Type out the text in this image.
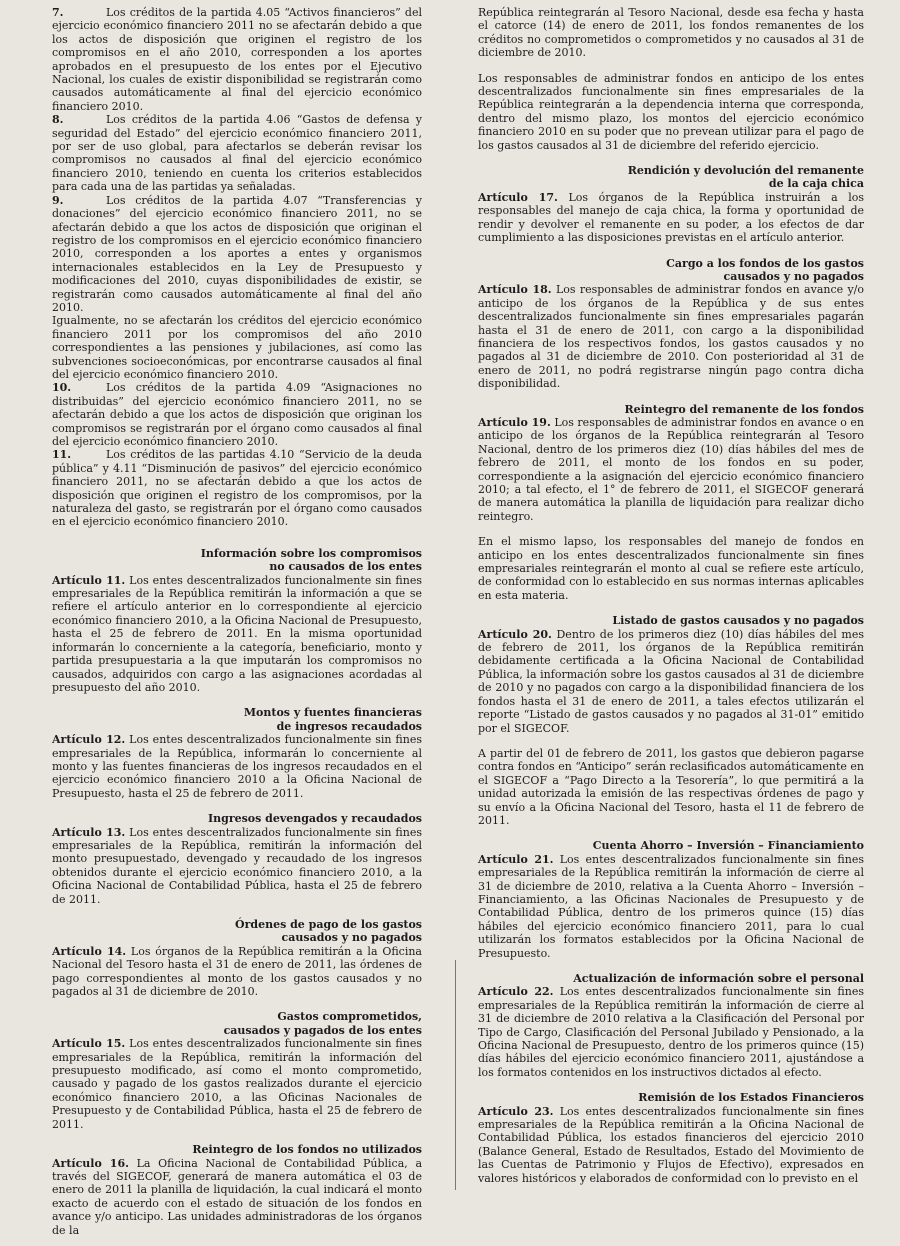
7.	Los créditos de la partida 4.05 “Activos financieros” del ejercicio económico financiero 2011 no se afectarán debido a que los actos de disposición que originen el registro de los compromisos en el año 2010, corresponden a los aportes aprobados en el presupuesto de los entes por el Ejecutivo Nacional, los cuales de existir disponibilidad se registrarán como causados automáticamente al final del ejercicio económico financiero 2010.

8.	Los créditos de la partida 4.06 “Gastos de defensa y seguridad del Estado” del ejercicio económico financiero 2011, por ser de uso global, para afectarlos se deberán revisar los compromisos no causados al final del ejercicio económico financiero 2010, teniendo en cuenta los criterios establecidos para cada una de las partidas ya señaladas.

9.	Los créditos de la partida 4.07 “Transferencias y donaciones” del ejercicio económico financiero 2011, no se afectarán debido a que los actos de disposición que originan el registro de los compromisos en el ejercicio económico financiero 2010, corresponden a los aportes a entes y organismos internacionales establecidos en la Ley de Presupuesto y modificaciones del 2010, cuyas disponibilidades de existir, se registrarán como causados automáticamente al final del año 2010.

Igualmente, no se afectarán los créditos del ejercicio económico financiero 2011 por los compromisos del año 2010 correspondientes a las pensiones y jubilaciones, así como las subvenciones socioeconómicas, por encontrarse causados al final del ejercicio económico financiero 2010.

10.	Los créditos de la partida 4.09 “Asignaciones no distribuidas” del ejercicio económico financiero 2011, no se afectarán debido a que los actos de disposición que originan los compromisos se registrarán por el órgano como causados al final del ejercicio económico financiero 2010.

11.	Los créditos de las partidas 4.10 “Servicio de la deuda pública” y 4.11 “Disminución de pasivos” del ejercicio económico financiero 2011, no se afectarán debido a que los actos de disposición que originen el registro de los compromisos, por la naturaleza del gasto, se registrarán por el órgano como causados en el ejercicio económico financiero 2010.

Información sobre los compromisos
no causados de los entes

Artículo 11. Los entes descentralizados funcionalmente sin fines empresariales de la República remitirán la información a que se refiere el artículo anterior en lo correspondiente al ejercicio económico financiero 2010, a la Oficina Nacional de Presupuesto, hasta el 25 de febrero de 2011. En la misma oportunidad informarán lo concerniente a la categoría, beneficiario, monto y partida presupuestaria a la que imputarán los compromisos no causados, adquiridos con cargo a las asignaciones acordadas al presupuesto del año 2010.

Montos y fuentes financieras
de ingresos recaudados

Artículo 12. Los entes descentralizados funcionalmente sin fines empresariales de la República, informarán lo concerniente al monto y las fuentes financieras de los ingresos recaudados en el ejercicio económico financiero 2010 a la Oficina Nacional de Presupuesto, hasta el 25 de febrero de 2011.

Ingresos devengados y recaudados

Artículo 13. Los entes descentralizados funcionalmente sin fines empresariales de la República, remitirán la información del monto presupuestado, devengado y recaudado de los ingresos obtenidos durante el ejercicio económico financiero 2010, a la Oficina Nacional de Contabilidad Pública, hasta el 25 de febrero de 2011.

Órdenes de pago de los gastos
causados y no pagados

Artículo 14. Los órganos de la República remitirán a la Oficina Nacional del Tesoro hasta el 31 de enero de 2011, las órdenes de pago correspondientes al monto de los gastos causados y no pagados al 31 de diciembre de 2010.

Gastos comprometidos,
causados y pagados de los entes

Artículo 15. Los entes descentralizados funcionalmente sin fines empresariales de la República, remitirán la información del presupuesto modificado, así como el monto comprometido, causado y pagado de los gastos realizados durante el ejercicio económico financiero 2010, a las Oficinas Nacionales de Presupuesto y de Contabilidad Pública, hasta el 25 de febrero de 2011.

Reintegro de los fondos no utilizados

Artículo 16. La Oficina Nacional de Contabilidad Pública, a través del SIGECOF, generará de manera automática el 03 de enero de 2011 la planilla de liquidación, la cual indicará el monto exacto de acuerdo con el estado de situación de los fondos en avance y/o anticipo. Las unidades administradoras de los órganos de la

República reintegrarán al Tesoro Nacional, desde esa fecha y hasta el catorce (14) de enero de 2011, los fondos remanentes de los créditos no comprometidos o comprometidos y no causados al 31 de diciembre de 2010.

Los responsables de administrar fondos en anticipo de los entes descentralizados funcionalmente sin fines empresariales de la República reintegrarán a la dependencia interna que corresponda, dentro del mismo plazo, los montos del ejercicio económico financiero 2010 en su poder que no prevean utilizar para el pago de los gastos causados al 31 de diciembre del referido ejercicio.

Rendición y devolución del remanente
de la caja chica

Artículo 17. Los órganos de la República instruirán a los responsables del manejo de caja chica, la forma y oportunidad de rendir y devolver el remanente en su poder, a los efectos de dar cumplimiento a las disposiciones previstas en el artículo anterior.

Cargo a los fondos de los gastos
causados y no pagados

Artículo 18. Los responsables de administrar fondos en avance y/o anticipo de los órganos de la República y de sus entes descentralizados funcionalmente sin fines empresariales pagarán hasta el 31 de enero de 2011, con cargo a la disponibilidad financiera de los respectivos fondos, los gastos causados y no pagados al 31 de diciembre de 2010. Con posterioridad al 31 de enero de 2011, no podrá registrarse ningún pago contra dicha disponibilidad.

Reintegro del remanente de los fondos

Artículo 19. Los responsables de administrar fondos en avance o en anticipo de los órganos de la República reintegrarán al Tesoro Nacional, dentro de los primeros diez (10) días hábiles del mes de febrero de 2011, el monto de los fondos en su poder, correspondiente a la asignación del ejercicio económico financiero 2010; a tal efecto, el 1° de febrero de 2011, el SIGECOF generará de manera automática la planilla de liquidación para realizar dicho reintegro.

En el mismo lapso, los responsables del manejo de fondos en anticipo en los entes descentralizados funcionalmente sin fines empresariales reintegrarán el monto al cual se refiere este artículo, de conformidad con lo establecido en sus normas internas aplicables en esta materia.

Listado de gastos causados y no pagados

Artículo 20. Dentro de los primeros diez (10) días hábiles del mes de febrero de 2011, los órganos de la República remitirán debidamente certificada a la Oficina Nacional de Contabilidad Pública, la información sobre los gastos causados al 31 de diciembre de 2010 y no pagados con cargo a la disponibilidad financiera de los fondos hasta el 31 de enero de 2011, a tales efectos utilizarán el reporte “Listado de gastos causados y no pagados al 31-01” emitido por el SIGECOF.

A partir del 01 de febrero de 2011, los gastos que debieron pagarse contra fondos en “Anticipo” serán reclasificados automáticamente en el SIGECOF a “Pago Directo a la Tesorería”, lo que permitirá a la unidad autorizada la emisión de las respectivas órdenes de pago y su envío a la Oficina Nacional del Tesoro, hasta el 11 de febrero de 2011.

Cuenta Ahorro – Inversión – Financiamiento

Artículo 21. Los entes descentralizados funcionalmente sin fines empresariales de la República remitirán la información de cierre al 31 de diciembre de 2010, relativa a la Cuenta Ahorro – Inversión – Financiamiento, a las Oficinas Nacionales de Presupuesto y de Contabilidad Pública, dentro de los primeros quince (15) días hábiles del ejercicio económico financiero 2011, para lo cual utilizarán los formatos establecidos por la Oficina Nacional de Presupuesto.

Actualización de información sobre el personal

Artículo 22. Los entes descentralizados funcionalmente sin fines empresariales de la República remitirán la información de cierre al 31 de diciembre de 2010 relativa a la Clasificación del Personal por Tipo de Cargo, Clasificación del Personal Jubilado y Pensionado, a la Oficina Nacional de Presupuesto, dentro de los primeros quince (15) días hábiles del ejercicio económico financiero 2011, ajustándose a los formatos contenidos en los instructivos dictados al efecto.

Remisión de los Estados Financieros

Artículo 23. Los entes descentralizados funcionalmente sin fines empresariales de la República remitirán a la Oficina Nacional de Contabilidad Pública, los estados financieros del ejercicio 2010 (Balance General, Estado de Resultados, Estado del Movimiento de las Cuentas de Patrimonio y Flujos de Efectivo), expresados en valores históricos y elaborados de conformidad con lo previsto en el
